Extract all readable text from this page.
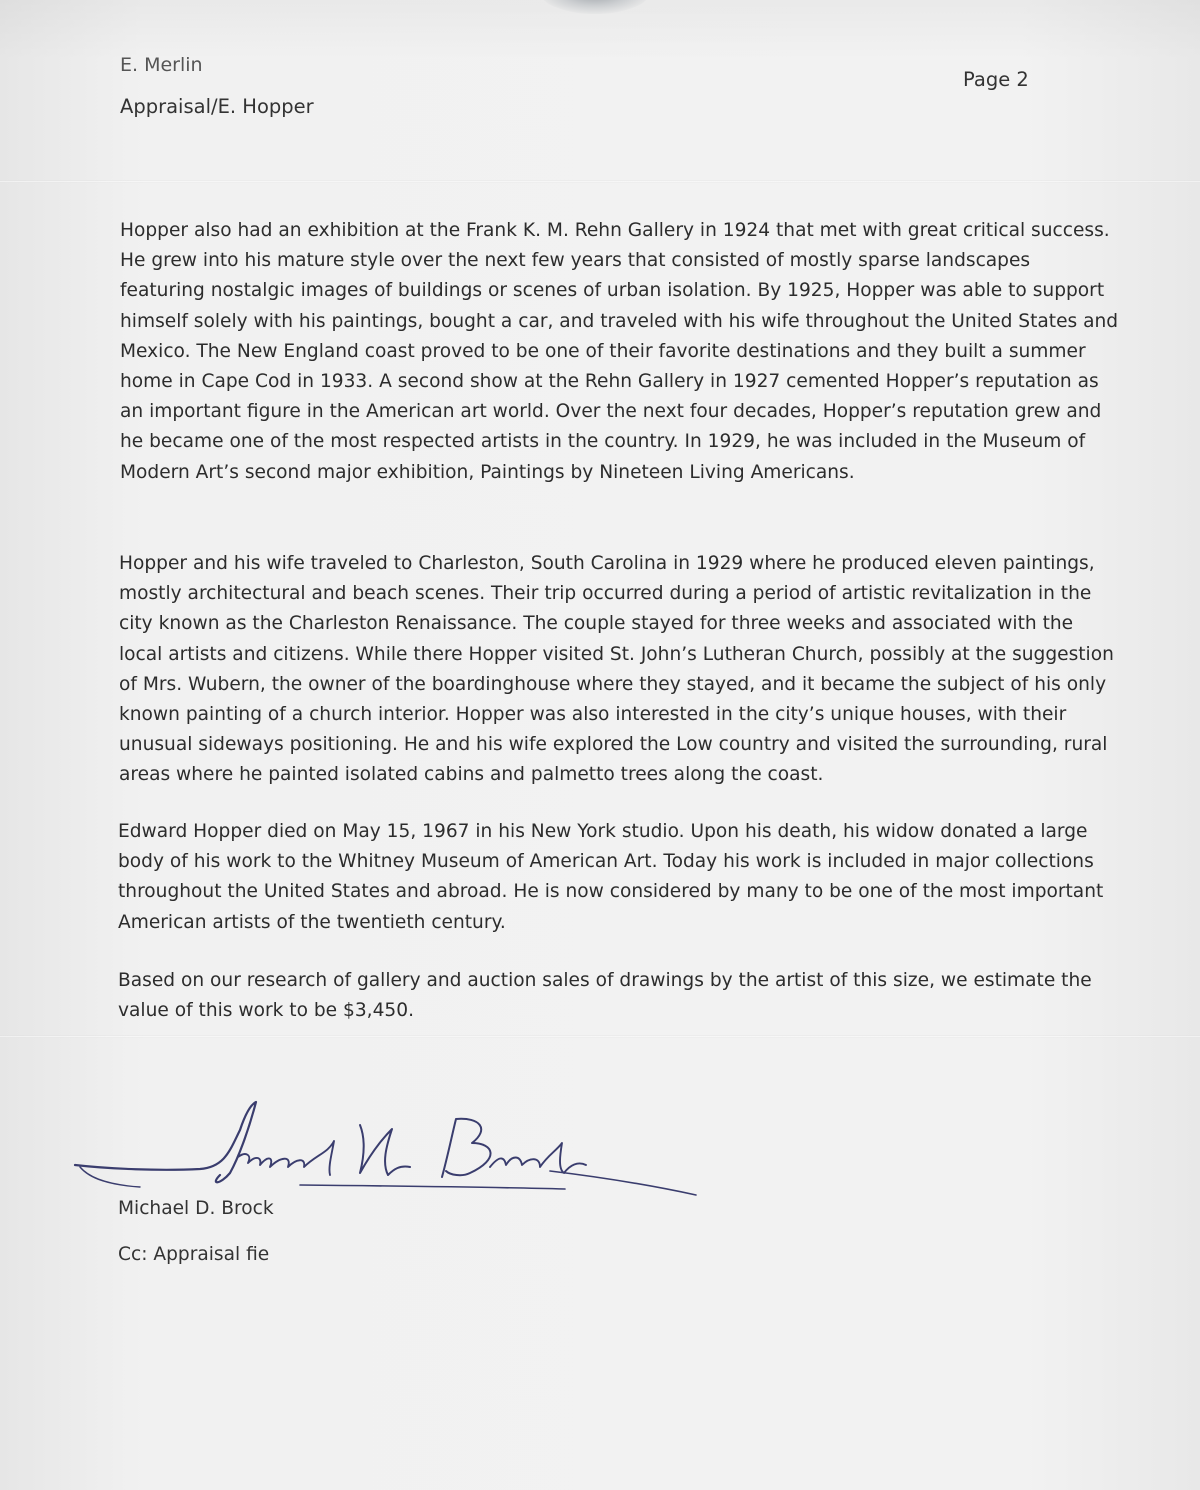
E. Merlin
Appraisal/E. Hopper
Page 2
Hopper also had an exhibition at the Frank K. M. Rehn Gallery in 1924 that met with great critical success. He grew into his mature style over the next few years that consisted of mostly sparse landscapes featuring nostalgic images of buildings or scenes of urban isolation. By 1925, Hopper was able to support himself solely with his paintings, bought a car, and traveled with his wife throughout the United States and Mexico. The New England coast proved to be one of their favorite destinations and they built a summer home in Cape Cod in 1933. A second show at the Rehn Gallery in 1927 cemented Hopper’s reputation as an important figure in the American art world. Over the next four decades, Hopper’s reputation grew and he became one of the most respected artists in the country. In 1929, he was included in the Museum of Modern Art’s second major exhibition, Paintings by Nineteen Living Americans.
Hopper and his wife traveled to Charleston, South Carolina in 1929 where he produced eleven paintings, mostly architectural and beach scenes. Their trip occurred during a period of artistic revitalization in the city known as the Charleston Renaissance. The couple stayed for three weeks and associated with the local artists and citizens. While there Hopper visited St. John’s Lutheran Church, possibly at the suggestion of Mrs. Wubern, the owner of the boardinghouse where they stayed, and it became the subject of his only known painting of a church interior. Hopper was also interested in the city’s unique houses, with their unusual sideways positioning. He and his wife explored the Low country and visited the surrounding, rural areas where he painted isolated cabins and palmetto trees along the coast.
Edward Hopper died on May 15, 1967 in his New York studio. Upon his death, his widow donated a large body of his work to the Whitney Museum of American Art. Today his work is included in major collections throughout the United States and abroad. He is now considered by many to be one of the most important American artists of the twentieth century.
Based on our research of gallery and auction sales of drawings by the artist of this size, we estimate the value of this work to be $3,450.
Michael D. Brock
Cc: Appraisal fie
